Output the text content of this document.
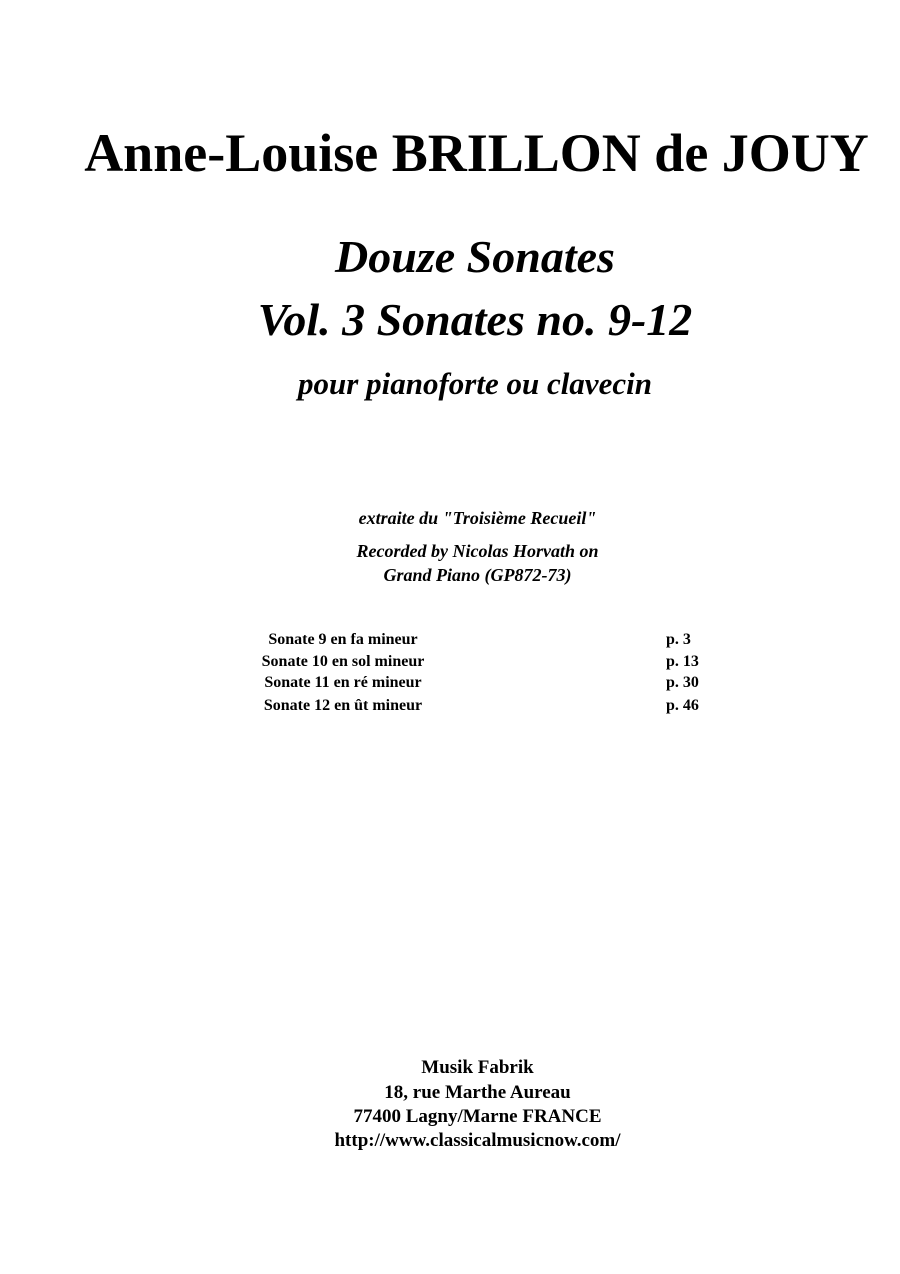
Anne-Louise BRILLON de JOUY
Douze Sonates
Vol. 3 Sonates no. 9-12
pour pianoforte ou clavecin
extraite du "Troisième Recueil"
Recorded by Nicolas Horvath on
Grand Piano (GP872-73)
Sonate 9 en fa mineur	p. 3
Sonate 10 en sol mineur	p. 13
Sonate 11 en ré mineur	p. 30
Sonate 12 en ût mineur	p. 46
Musik Fabrik
18, rue Marthe Aureau
77400 Lagny/Marne FRANCE
http://www.classicalmusicnow.com/
